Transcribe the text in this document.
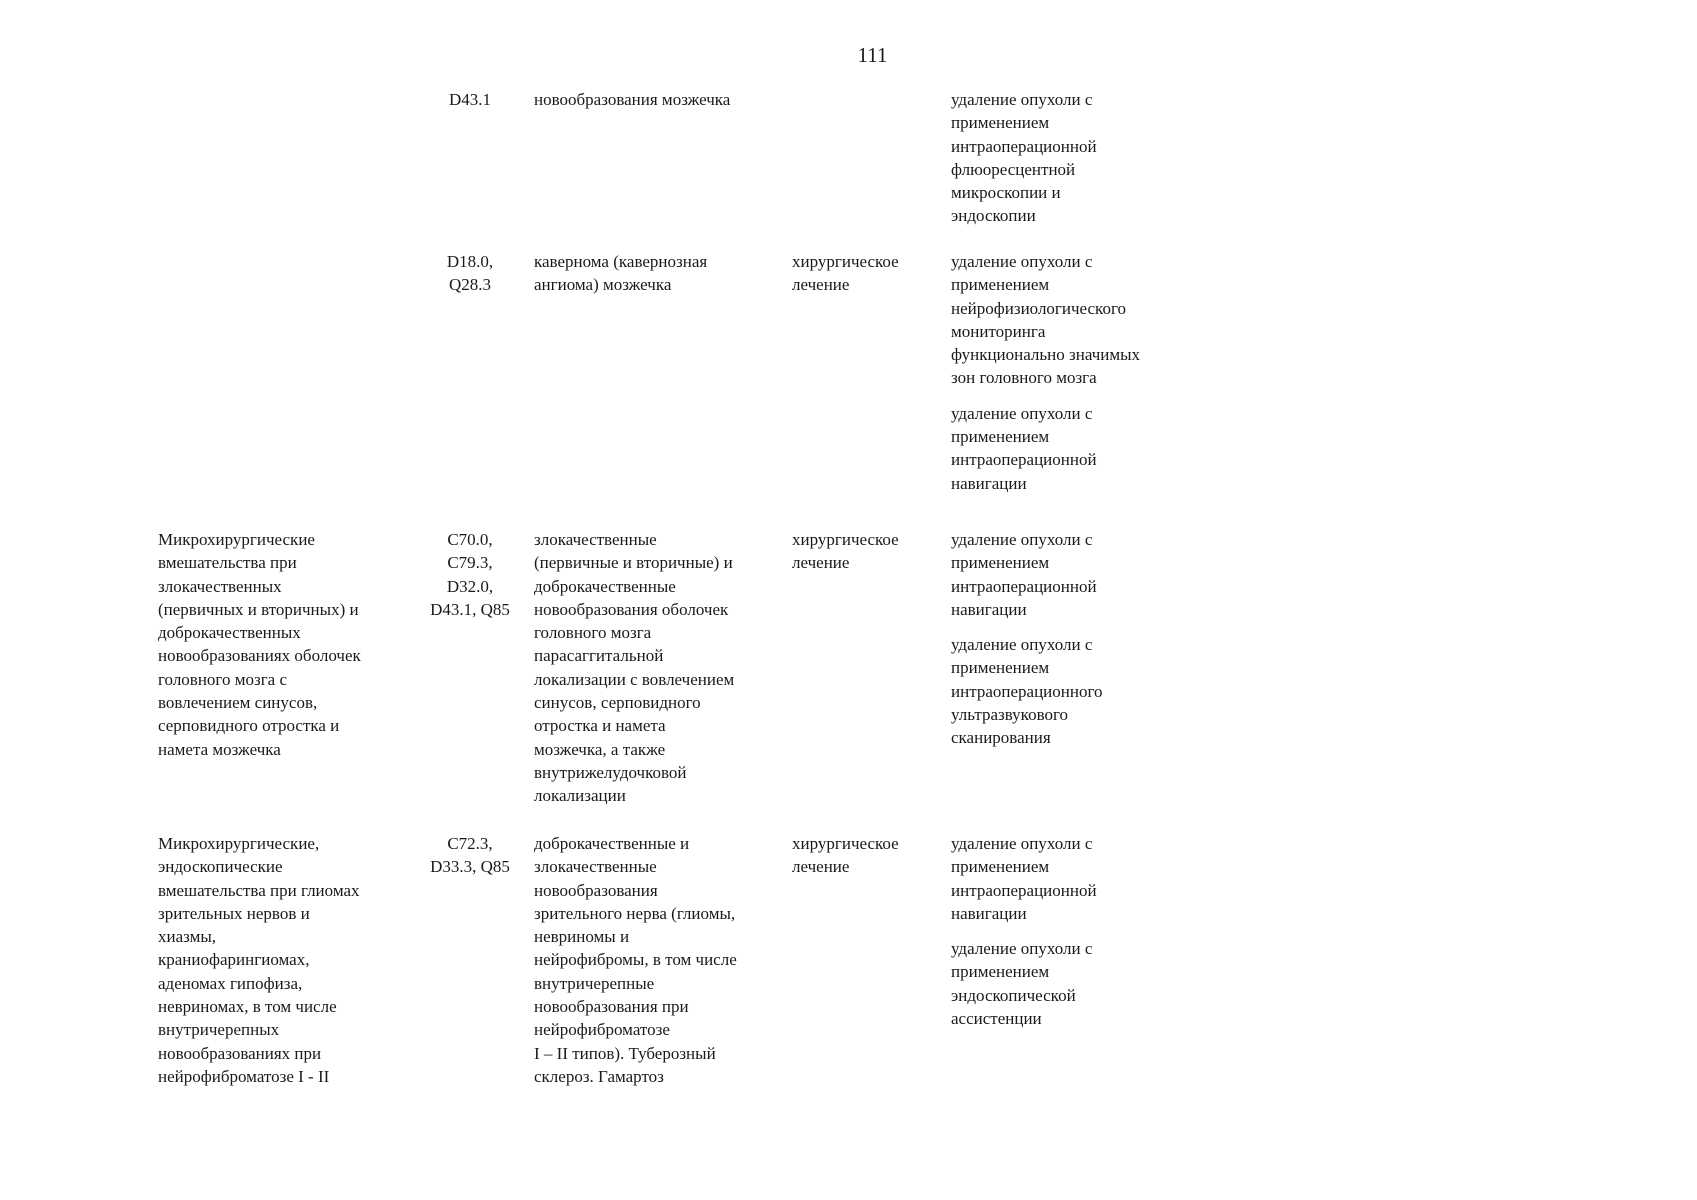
111
D43.1	новообразования мозжечка	удаление опухоли с
применением
интраоперационной
флюоресцентной
микроскопии и
эндоскопии
D18.0,
Q28.3
кавернома (кавернозная
ангиома) мозжечка
хирургическое
лечение
удаление опухоли с
применением
нейрофизиологического
мониторинга
функционально значимых
зон головного мозга
удаление опухоли с
применением
интраоперационной
навигации
Микрохирургические
вмешательства при
злокачественных
(первичных и вторичных) и
доброкачественных
новообразованиях оболочек
головного мозга с
вовлечением синусов,
серповидного отростка и
намета мозжечка
C70.0,
C79.3,
D32.0,
D43.1, Q85
злокачественные
(первичные и вторичные) и
доброкачественные
новообразования оболочек
головного мозга
парасаггитальной
локализации с вовлечением
синусов, серповидного
отростка и намета
мозжечка, а также
внутрижелудочковой
локализации
хирургическое
лечение
удаление опухоли с
применением
интраоперационной
навигации
удаление опухоли с
применением
интраоперационного
ультразвукового
сканирования
Микрохирургические,
эндоскопические
вмешательства при глиомах
зрительных нервов и
хиазмы,
краниофарингиомах,
аденомах гипофиза,
невриномах, в том числе
внутричерепных
новообразованиях при
нейрофиброматозе I - II
C72.3,
D33.3, Q85
доброкачественные и
злокачественные
новообразования
зрительного нерва (глиомы,
невриномы и
нейрофибромы, в том числе
внутричерепные
новообразования при
нейрофиброматозе
I – II типов). Туберозный
склероз. Гамартоз
хирургическое
лечение
удаление опухоли с
применением
интраоперационной
навигации
удаление опухоли с
применением
эндоскопической
ассистенции
